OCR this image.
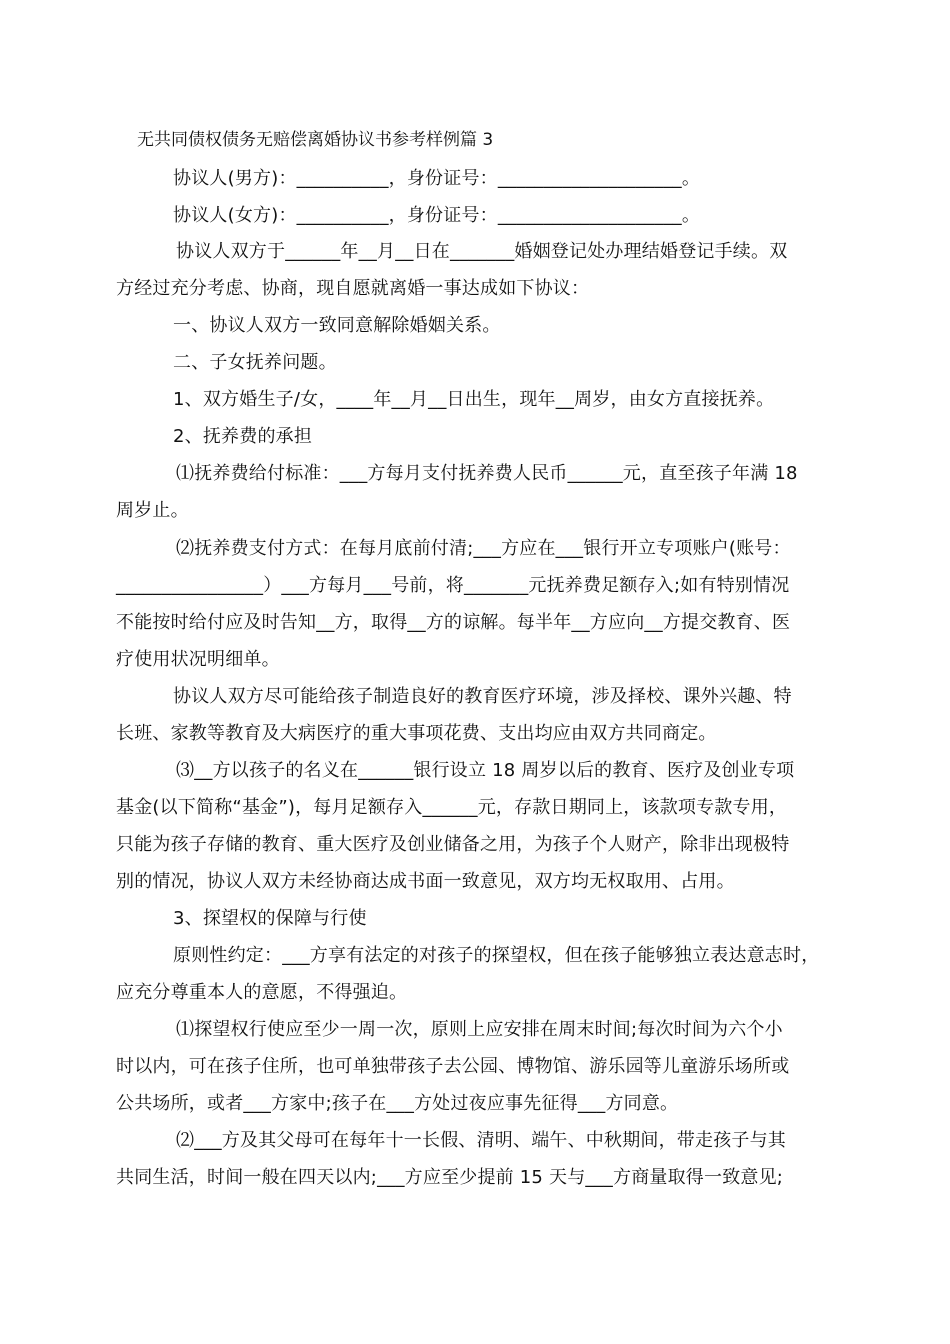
无共同债权债务无赔偿离婚协议书参考样例篇 3
协议人(男方)：__________，身份证号：____________________。
协议人(女方)：__________，身份证号：____________________。
协议人双方于______年__月__日在_______婚姻登记处办理结婚登记手续。双
方经过充分考虑、协商，现自愿就离婚一事达成如下协议：
一、协议人双方一致同意解除婚姻关系。
二、子女抚养问题。
1、双方婚生子/女，____年__月__日出生，现年__周岁，由女方直接抚养。
2、抚养费的承担
⑴抚养费给付标准：___方每月支付抚养费人民币______元，直至孩子年满 18
周岁止。
⑵抚养费支付方式：在每月底前付清;___方应在___银行开立专项账户(账号：
________________）___方每月___号前，将_______元抚养费足额存入;如有特别情况
不能按时给付应及时告知__方，取得__方的谅解。每半年__方应向__方提交教育、医
疗使用状况明细单。
协议人双方尽可能给孩子制造良好的教育医疗环境，涉及择校、课外兴趣、特
长班、家教等教育及大病医疗的重大事项花费、支出均应由双方共同商定。
⑶__方以孩子的名义在______银行设立 18 周岁以后的教育、医疗及创业专项
基金(以下简称“基金”)，每月足额存入______元，存款日期同上，该款项专款专用，
只能为孩子存储的教育、重大医疗及创业储备之用，为孩子个人财产，除非出现极特
别的情况，协议人双方未经协商达成书面一致意见，双方均无权取用、占用。
3、探望权的保障与行使
原则性约定：___方享有法定的对孩子的探望权，但在孩子能够独立表达意志时，
应充分尊重本人的意愿，不得强迫。
⑴探望权行使应至少一周一次，原则上应安排在周末时间;每次时间为六个小
时以内，可在孩子住所，也可单独带孩子去公园、博物馆、游乐园等儿童游乐场所或
公共场所，或者___方家中;孩子在___方处过夜应事先征得___方同意。
⑵___方及其父母可在每年十一长假、清明、端午、中秋期间，带走孩子与其
共同生活，时间一般在四天以内;___方应至少提前 15 天与___方商量取得一致意见;
